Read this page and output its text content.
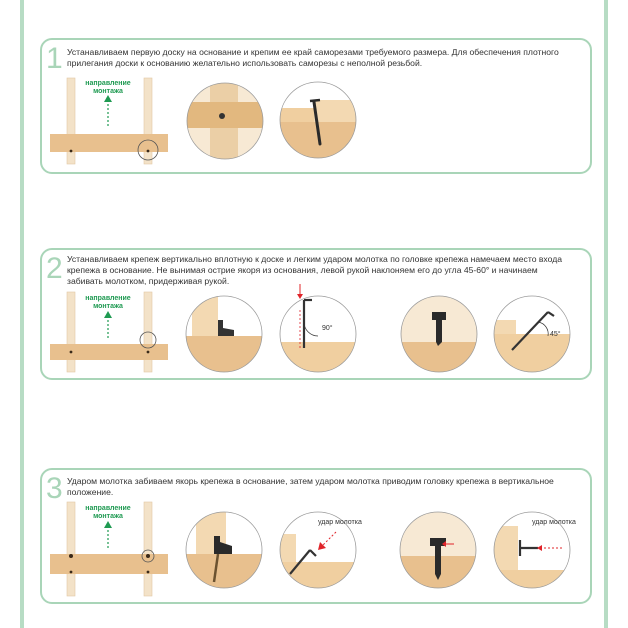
1 Устанавливаем первую доску на основание и крепим ее край саморезами требуемого размера. Для обеспечения плотного прилегания доски к основанию желательно использовать саморезы с неполной резьбой.
направление
монтажа
2 Устанавливаем крепеж вертикально вплотную к доске и легким ударом молотка по головке крепежа намечаем место входа крепежа в основание. Не вынимая острие якоря из основания, левой рукой наклоняем его до угла 45-60° и начинаем забивать молотком, придерживая рукой.
направление
монтажа
90°
45°
3 Ударом молотка забиваем якорь крепежа в основание, затем ударом молотка приводим головку крепежа в вертикальное положение.
направление
монтажа
удар молотка	удар молотка
